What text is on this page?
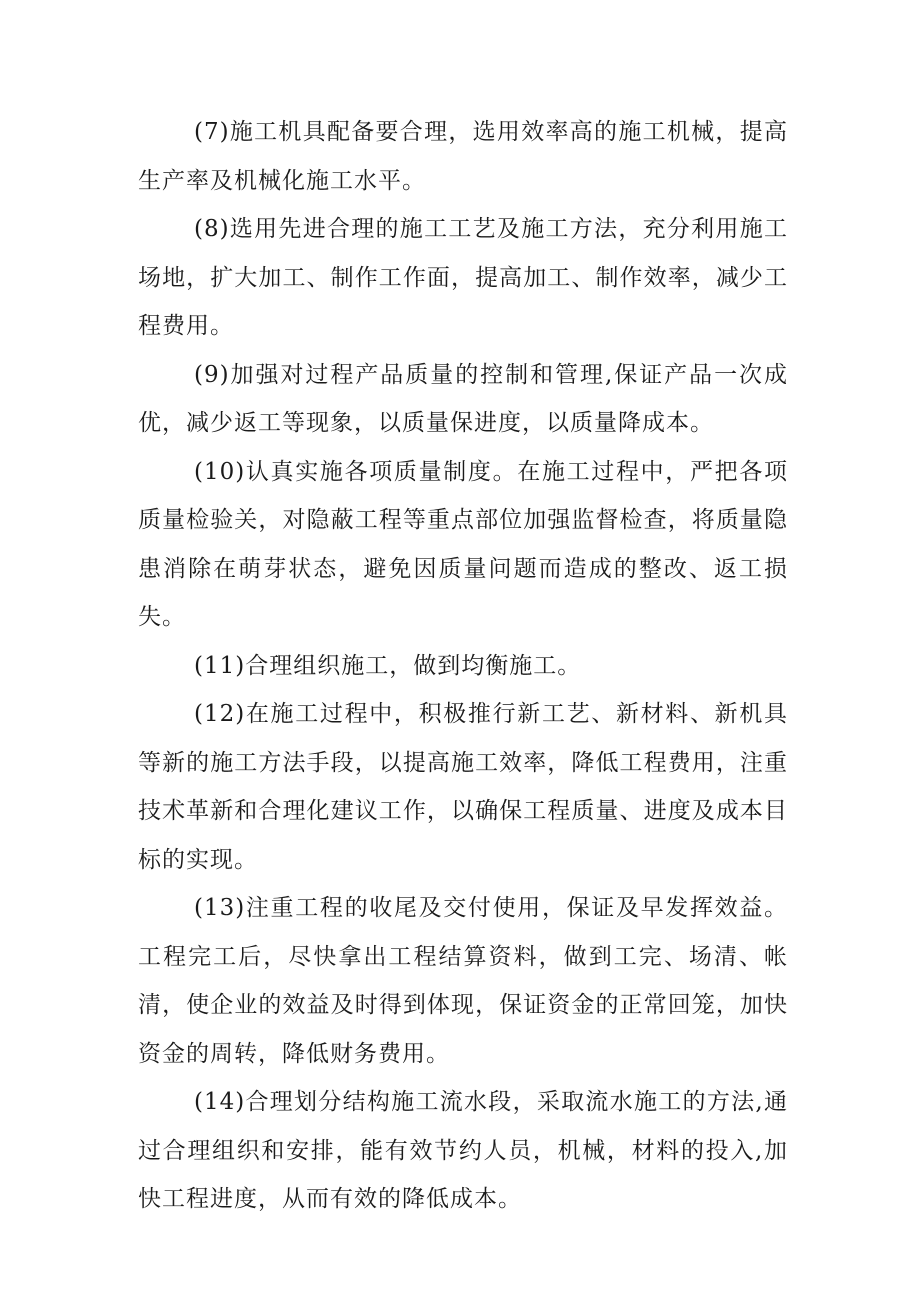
(7)施工机具配备要合理，选用效率高的施工机械，提高生产率及机械化施工水平。

(8)选用先进合理的施工工艺及施工方法，充分利用施工场地，扩大加工、制作工作面，提高加工、制作效率，减少工程费用。

(9)加强对过程产品质量的控制和管理,保证产品一次成优，减少返工等现象，以质量保进度，以质量降成本。

(10)认真实施各项质量制度。在施工过程中，严把各项质量检验关，对隐蔽工程等重点部位加强监督检查，将质量隐患消除在萌芽状态，避免因质量问题而造成的整改、返工损失。

(11)合理组织施工，做到均衡施工。

(12)在施工过程中，积极推行新工艺、新材料、新机具等新的施工方法手段，以提高施工效率，降低工程费用，注重技术革新和合理化建议工作，以确保工程质量、进度及成本目标的实现。

(13)注重工程的收尾及交付使用，保证及早发挥效益。工程完工后，尽快拿出工程结算资料，做到工完、场清、帐清，使企业的效益及时得到体现，保证资金的正常回笼，加快资金的周转，降低财务费用。

(14)合理划分结构施工流水段，采取流水施工的方法,通过合理组织和安排，能有效节约人员，机械，材料的投入,加快工程进度，从而有效的降低成本。
